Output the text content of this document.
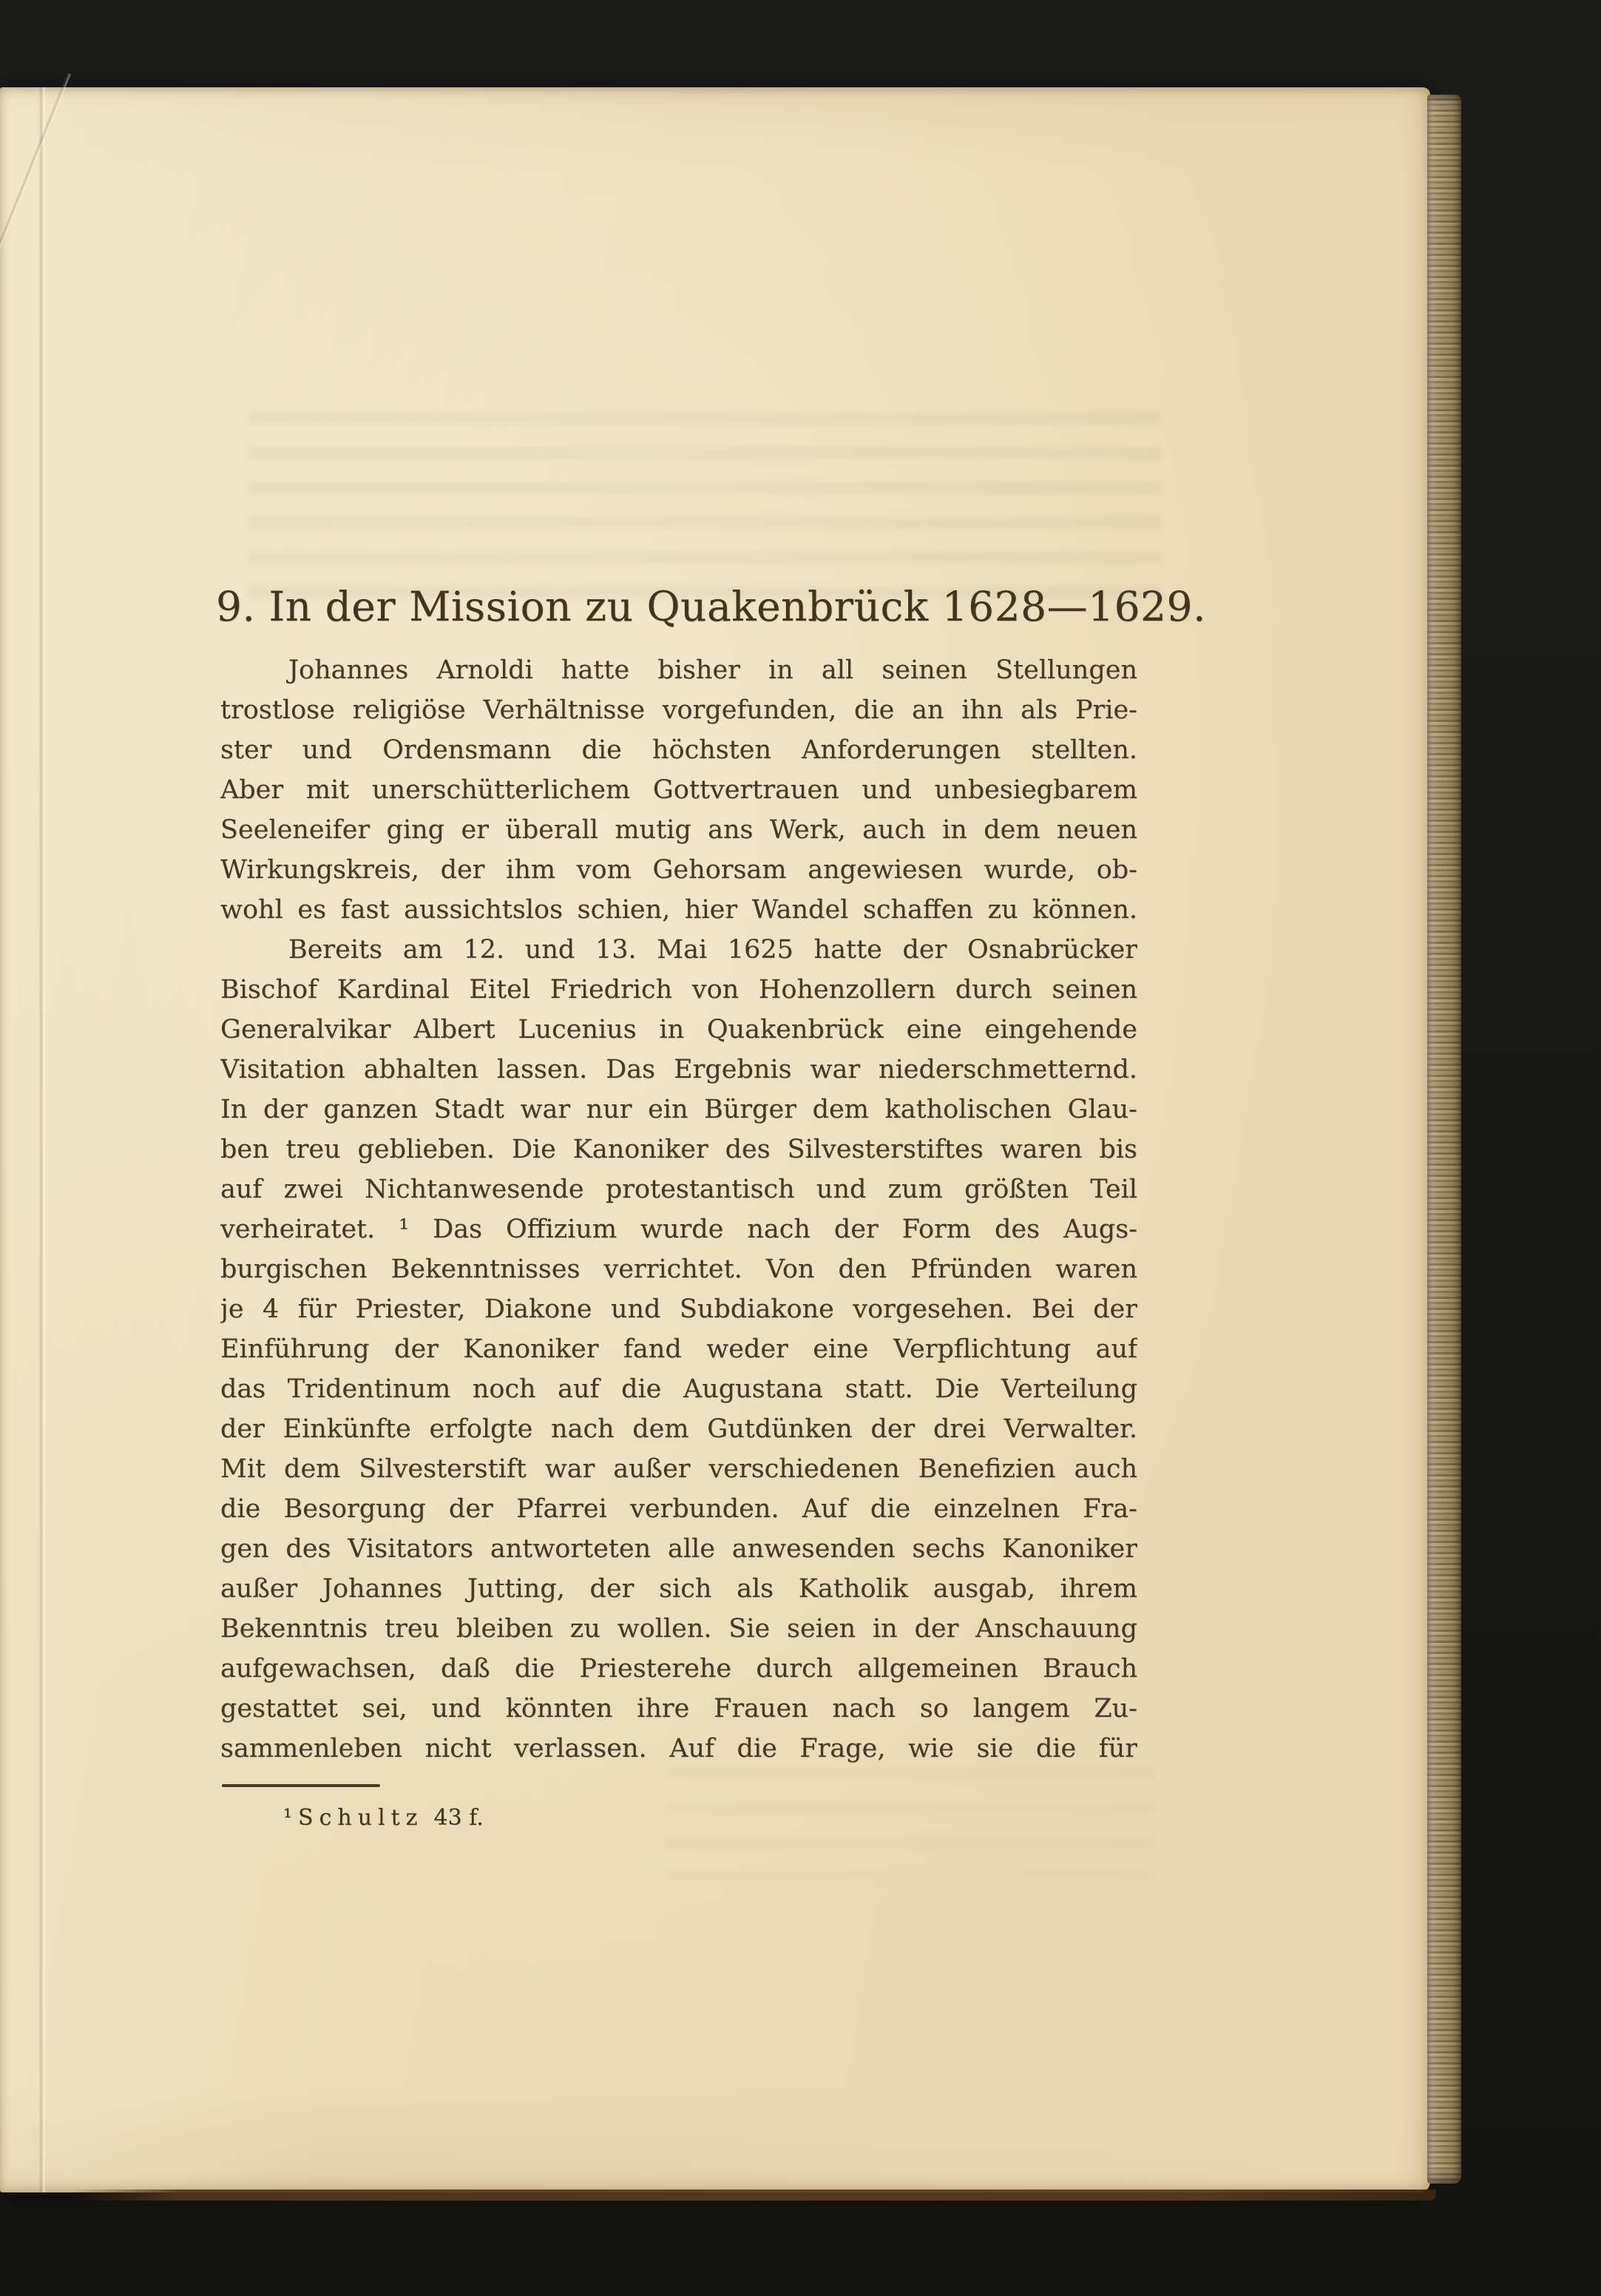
9. In der Mission zu Quakenbrück 1628—1629.
Johannes Arnoldi hatte bisher in all seinen Stellungen
trostlose religiöse Verhältnisse vorgefunden, die an ihn als Prie-
ster und Ordensmann die höchsten Anforderungen stellten.
Aber mit unerschütterlichem Gottvertrauen und unbesiegbarem
Seeleneifer ging er überall mutig ans Werk, auch in dem neuen
Wirkungskreis, der ihm vom Gehorsam angewiesen wurde, ob-
wohl es fast aussichtslos schien, hier Wandel schaffen zu können.
Bereits am 12. und 13. Mai 1625 hatte der Osnabrücker
Bischof Kardinal Eitel Friedrich von Hohenzollern durch seinen
Generalvikar Albert Lucenius in Quakenbrück eine eingehende
Visitation abhalten lassen. Das Ergebnis war niederschmetternd.
In der ganzen Stadt war nur ein Bürger dem katholischen Glau-
ben treu geblieben. Die Kanoniker des Silvesterstiftes waren bis
auf zwei Nichtanwesende protestantisch und zum größten Teil
verheiratet. ¹ Das Offizium wurde nach der Form des Augs-
burgischen Bekenntnisses verrichtet. Von den Pfründen waren
je 4 für Priester, Diakone und Subdiakone vorgesehen. Bei der
Einführung der Kanoniker fand weder eine Verpflichtung auf
das Tridentinum noch auf die Augustana statt. Die Verteilung
der Einkünfte erfolgte nach dem Gutdünken der drei Verwalter.
Mit dem Silvesterstift war außer verschiedenen Benefizien auch
die Besorgung der Pfarrei verbunden. Auf die einzelnen Fra-
gen des Visitators antworteten alle anwesenden sechs Kanoniker
außer Johannes Jutting, der sich als Katholik ausgab, ihrem
Bekenntnis treu bleiben zu wollen. Sie seien in der Anschauung
aufgewachsen, daß die Priesterehe durch allgemeinen Brauch
gestattet sei, und könnten ihre Frauen nach so langem Zu-
sammenleben nicht verlassen. Auf die Frage, wie sie die für
¹ Schultz 43 f.
